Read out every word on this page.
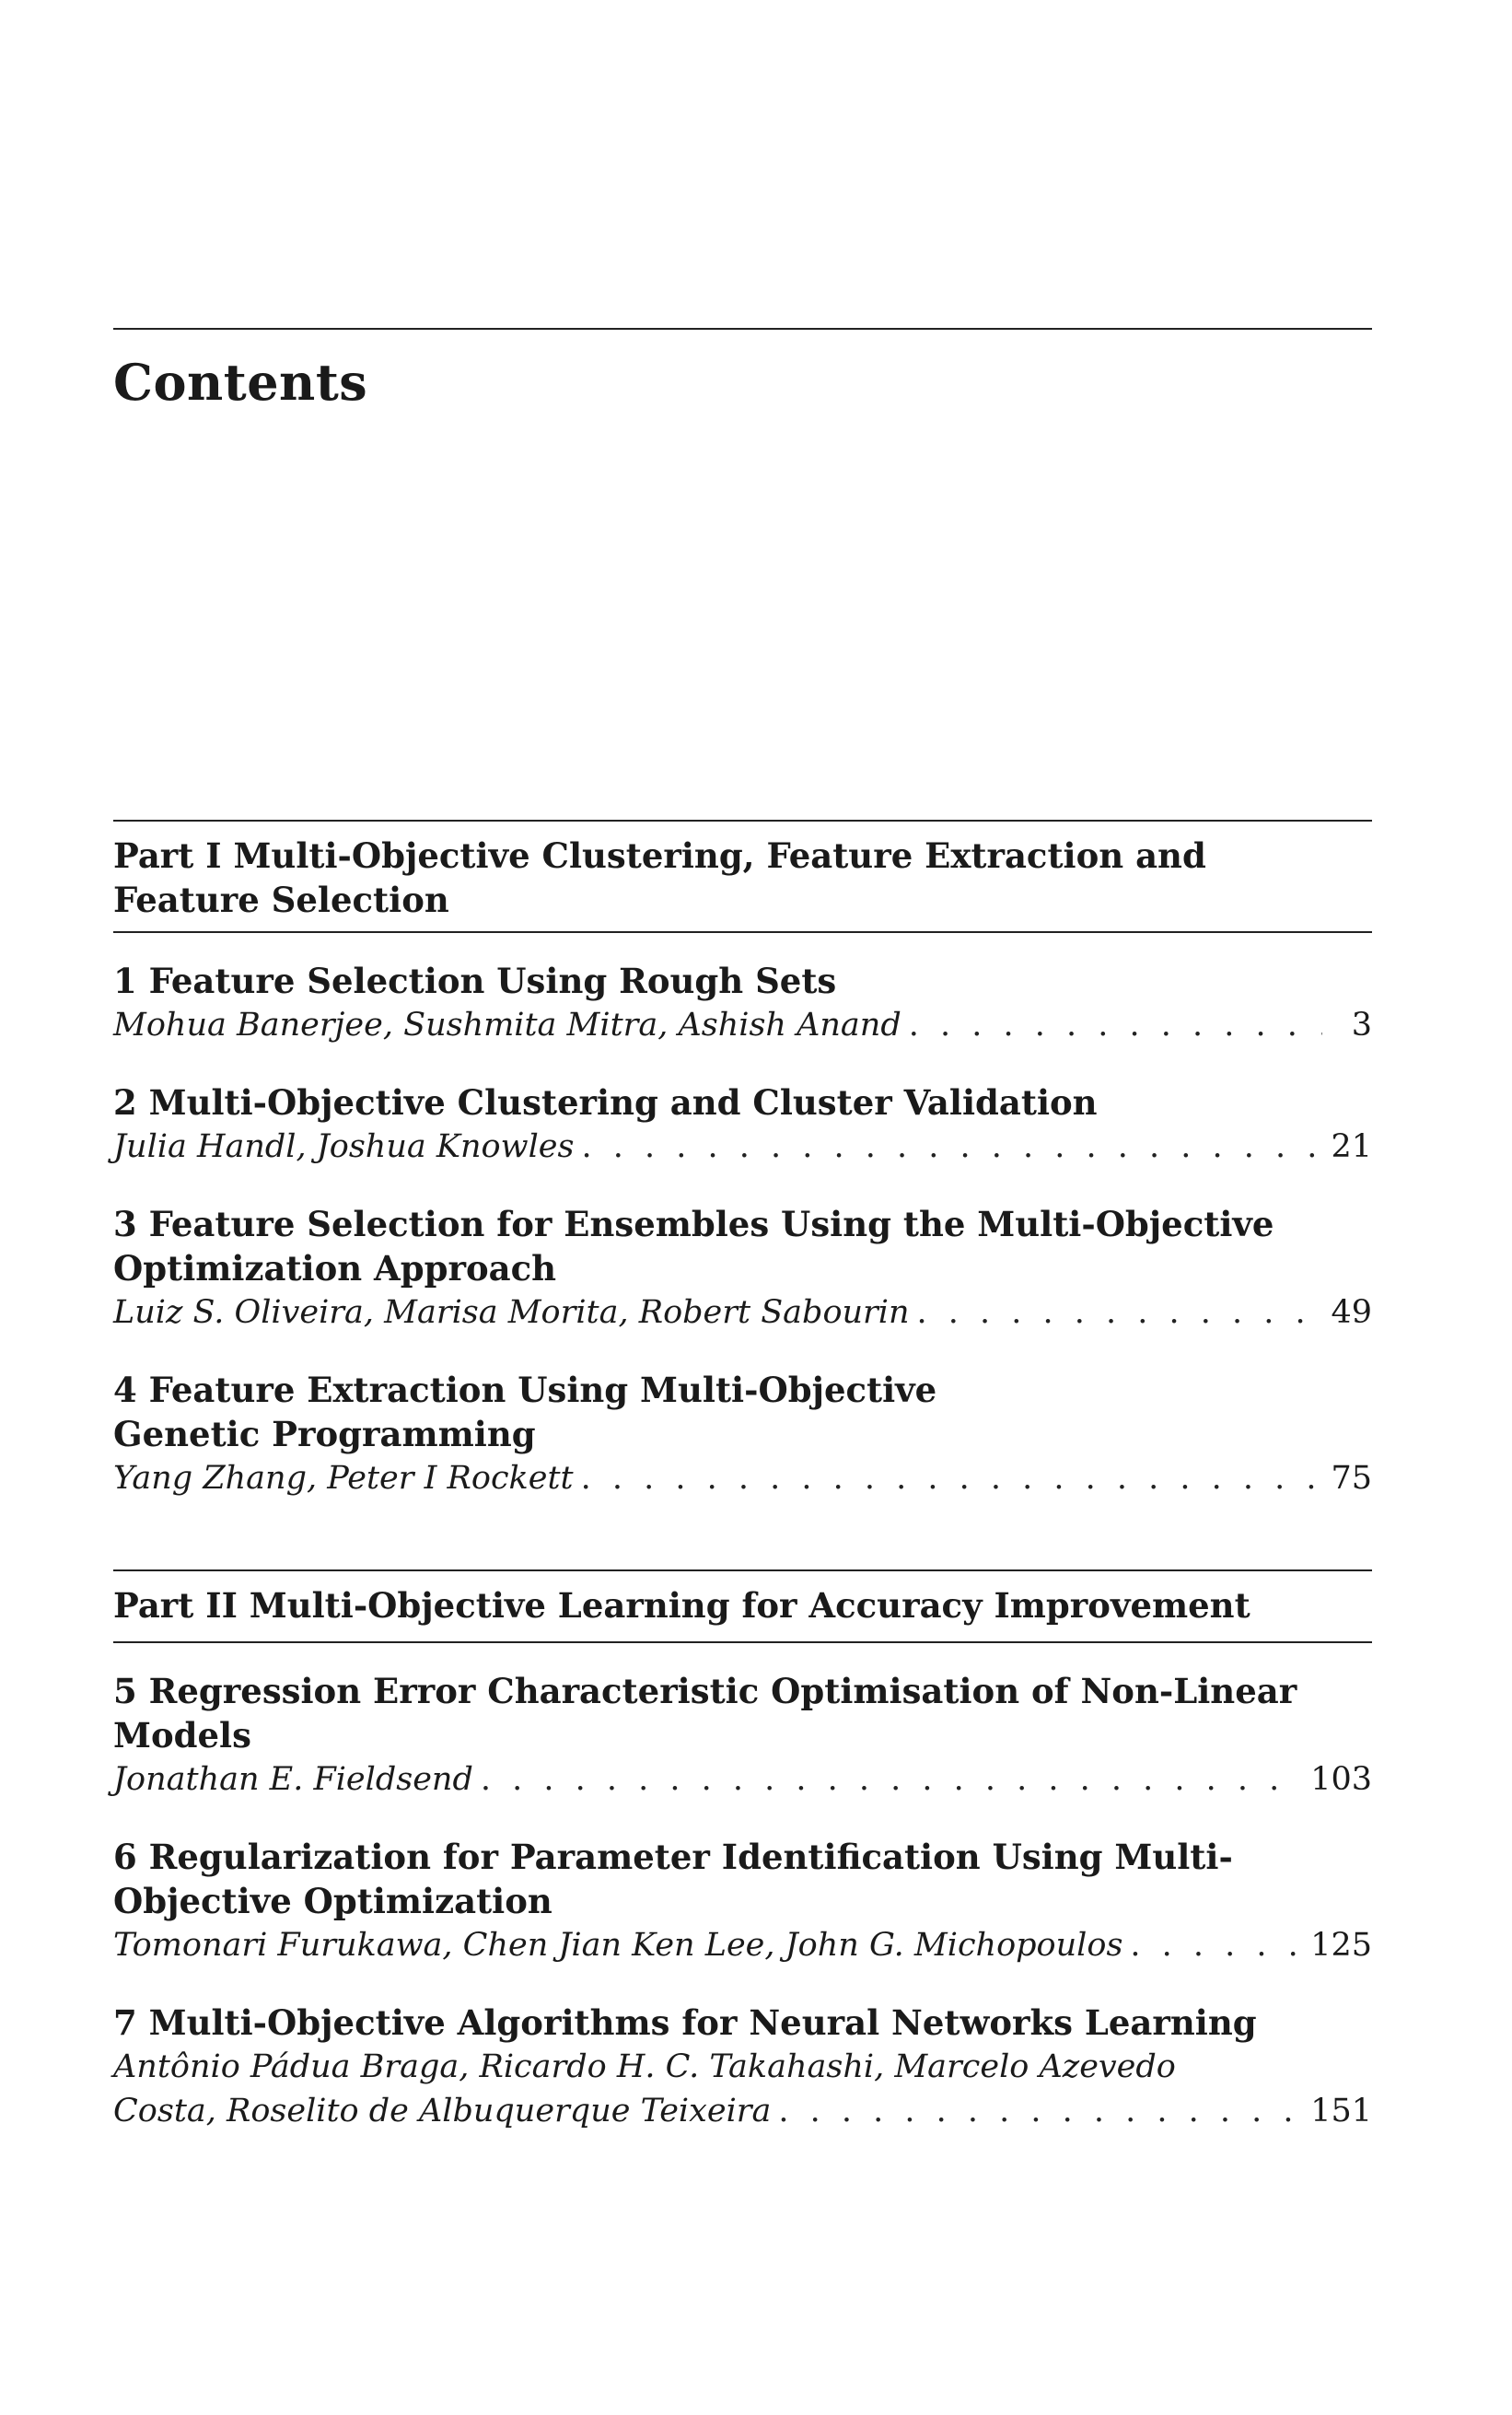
Contents
Part I Multi-Objective Clustering, Feature Extraction and Feature Selection
1 Feature Selection Using Rough Sets
Mohua Banerjee, Sushmita Mitra, Ashish Anand . . .	3
2 Multi-Objective Clustering and Cluster Validation
Julia Handl, Joshua Knowles . . .	21
3 Feature Selection for Ensembles Using the Multi-Objective Optimization Approach
Luiz S. Oliveira, Marisa Morita, Robert Sabourin . . .	49
4 Feature Extraction Using Multi-Objective Genetic Programming
Yang Zhang, Peter I Rockett . . .	75
Part II Multi-Objective Learning for Accuracy Improvement
5 Regression Error Characteristic Optimisation of Non-Linear Models
Jonathan E. Fieldsend . . .	103
6 Regularization for Parameter Identification Using Multi-Objective Optimization
Tomonari Furukawa, Chen Jian Ken Lee, John G. Michopoulos . . .	125
7 Multi-Objective Algorithms for Neural Networks Learning
Antônio Pádua Braga, Ricardo H. C. Takahashi, Marcelo Azevedo
Costa, Roselito de Albuquerque Teixeira . . .	151
